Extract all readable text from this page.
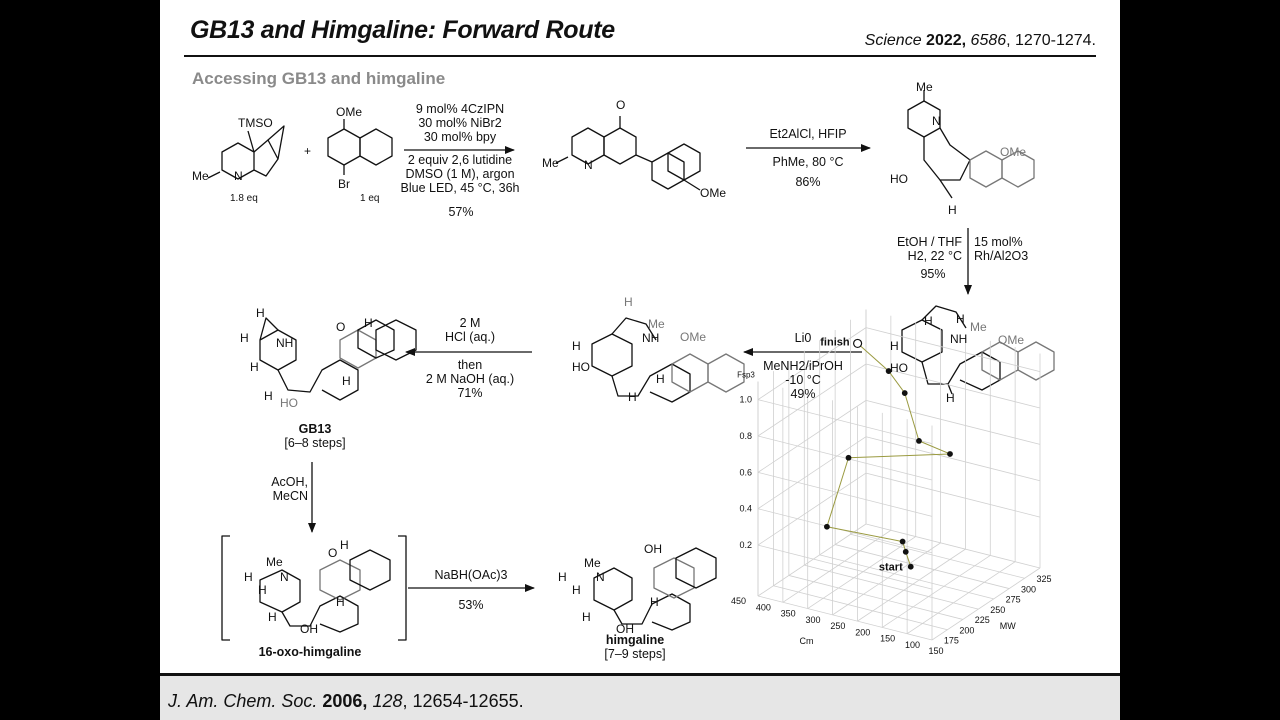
GB13 and Himgaline: Forward Route	Science 2022, 6586, 1270-1274.
Accessing GB13 and himgaline
150
175
200
225
250
275
300
325
100
150
200
250
300
350
400
450
0.2
0.4
0.6
0.8
1.0
MW
Cm
Fsp3
start
finish
TMSO
Me N
OMe
Br
+
1.8 eq	1 eq
9 mol% 4CzIPN
30 mol% NiBr2
30 mol% bpy
2 equiv 2,6 lutidine
DMSO (1 M), argon
Blue LED, 45 °C, 36h
57%
O
Me N
OMe
Et2AlCl, HFIP
PhMe, 80 °C
86%
Me
N
HO
OMe
H
EtOH / THF
H2, 22 °C
15 mol%
Rh/Al2O3
95%
H H
Me
NH
H	OMe
HO
H
Li0
MeNH2/iPrOH
-10 °C
49%
H
Me
NH
H
OMe
HO
H
H
2 M
HCl (aq.)
then
2 M NaOH (aq.)
71%
H
H NH
O H
H
H
H HO
GB13
[6–8 steps]
AcOH,
MeCN
Me
H N
O
H
H
H
H
OH
16-oxo-himgaline
NaBH(OAc)3
53%
Me
H N
OH
H
H
H
OH
himgaline
[7–9 steps]
J. Am. Chem. Soc. 2006, 128, 12654-12655.
